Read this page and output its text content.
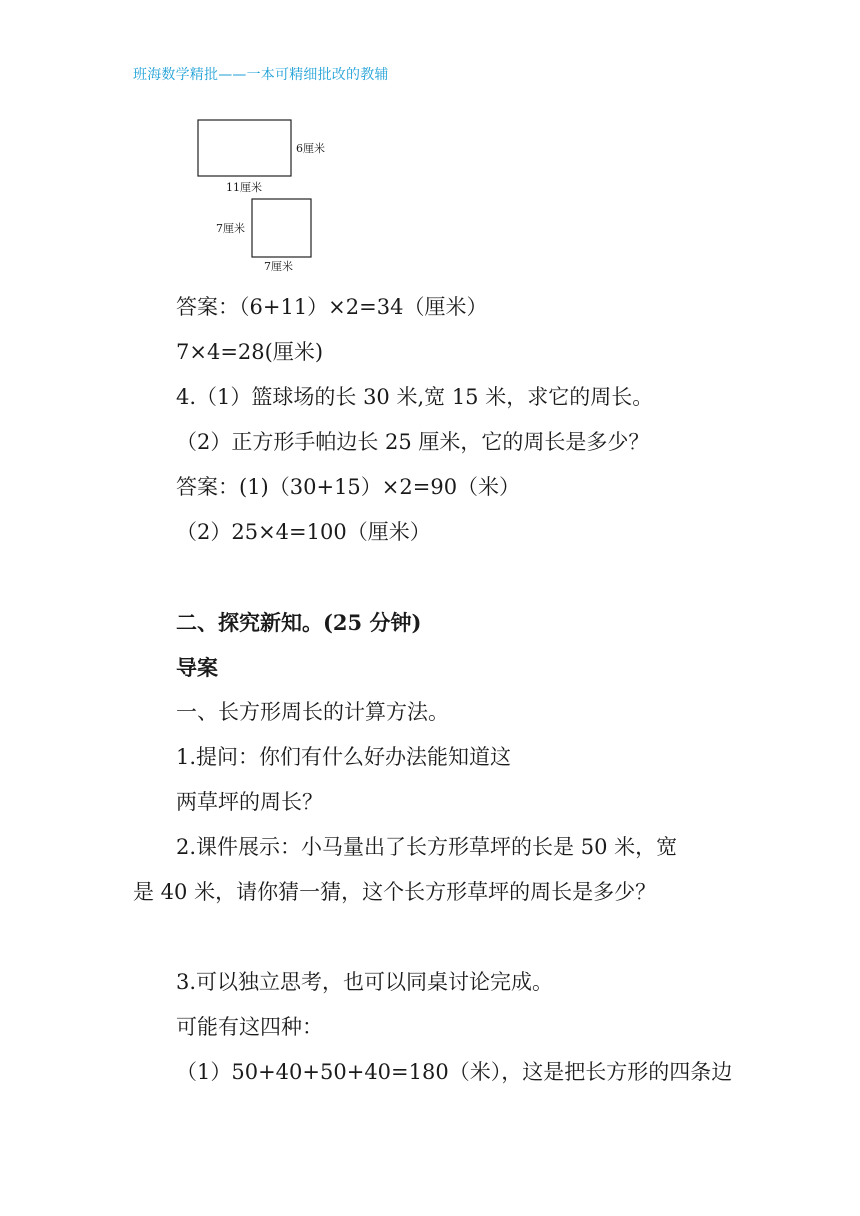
班海数学精批——一本可精细批改的教辅
6厘米
11厘米
7厘米
7厘米
答案：（6+11）×2=34（厘米）
7×4=28(厘米)
4.（1）篮球场的长 30 米,宽 15 米，求它的周长。
（2）正方形手帕边长 25 厘米，它的周长是多少？
答案：(1)（30+15）×2=90（米）
（2）25×4=100（厘米）
二、探究新知。(25 分钟)
导案
一、长方形周长的计算方法。
1.提问：你们有什么好办法能知道这
两草坪的周长？
2.课件展示：小马量出了长方形草坪的长是 50 米，宽
是 40 米，请你猜一猜，这个长方形草坪的周长是多少？
3.可以独立思考，也可以同桌讨论完成。
可能有这四种：
（1）50+40+50+40=180（米），这是把长方形的四条边
